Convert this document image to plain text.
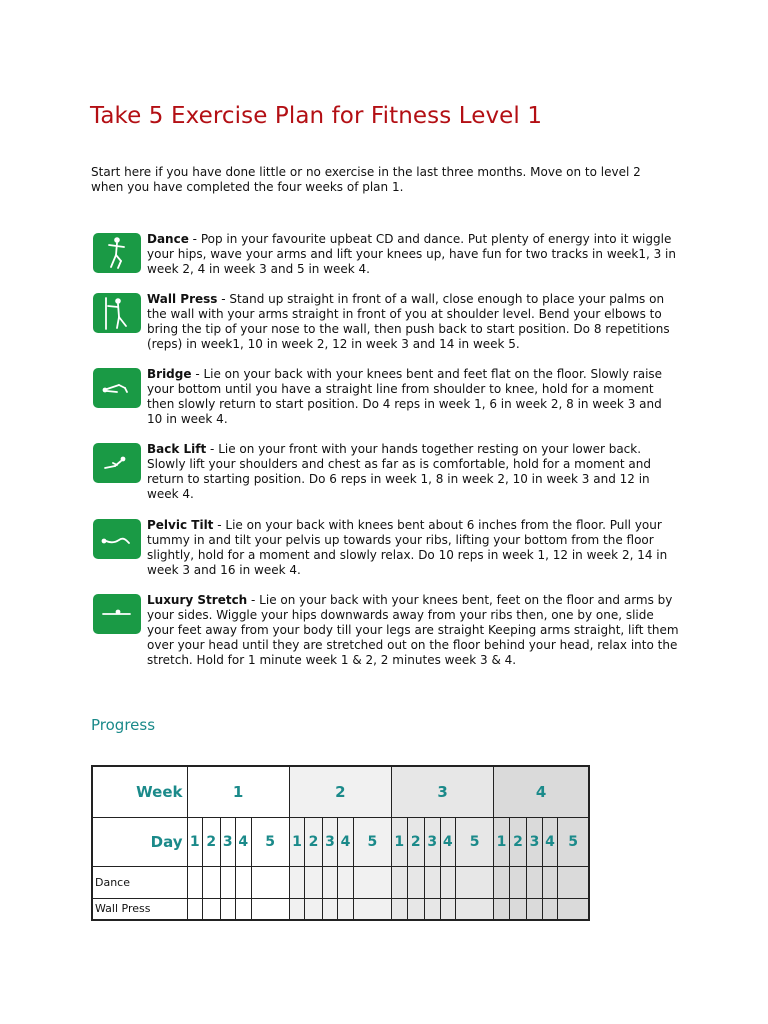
Take 5 Exercise Plan for Fitness Level 1

Start here if you have done little or no exercise in the last three months. Move on to level 2 when you have completed the four weeks of plan 1.

Dance - Pop in your favourite upbeat CD and dance. Put plenty of energy into it wiggle your hips, wave your arms and lift your knees up, have fun for two tracks in week1, 3 in week 2, 4 in week 3 and 5 in week 4.

Wall Press - Stand up straight in front of a wall, close enough to place your palms on the wall with your arms straight in front of you at shoulder level. Bend your elbows to bring the tip of your nose to the wall, then push back to start position. Do 8 repetitions (reps) in week1, 10 in week 2, 12 in week 3 and 14 in week 5.

Bridge - Lie on your back with your knees bent and feet flat on the floor. Slowly raise your bottom until you have a straight line from shoulder to knee, hold for a moment then slowly return to start position. Do 4 reps in week 1, 6 in week 2, 8 in week 3 and 10 in week 4.

Back Lift - Lie on your front with your hands together resting on your lower back. Slowly lift your shoulders and chest as far as is comfortable, hold for a moment and return to starting position. Do 6 reps in week 1, 8 in week 2, 10 in week 3 and 12 in week 4.

Pelvic Tilt - Lie on your back with knees bent about 6 inches from the floor. Pull your tummy in and tilt your pelvis up towards your ribs, lifting your bottom from the floor slightly, hold for a moment and slowly relax. Do 10 reps in week 1, 12 in week 2, 14 in week 3 and 16 in week 4.

Luxury Stretch - Lie on your back with your knees bent, feet on the floor and arms by your sides. Wiggle your hips downwards away from your ribs then, one by one, slide your feet away from your body till your legs are straight Keeping arms straight, lift them over your head until they are stretched out on the floor behind your head, relax into the stretch. Hold for 1 minute week 1 & 2, 2 minutes week 3 & 4.

Progress
Week	1					2					3					4				
Day	1	2	3	4	5	1	2	3	4	5	1	2	3	4	5	1	2	3	4	5
Dance																				
Wall Press																				
